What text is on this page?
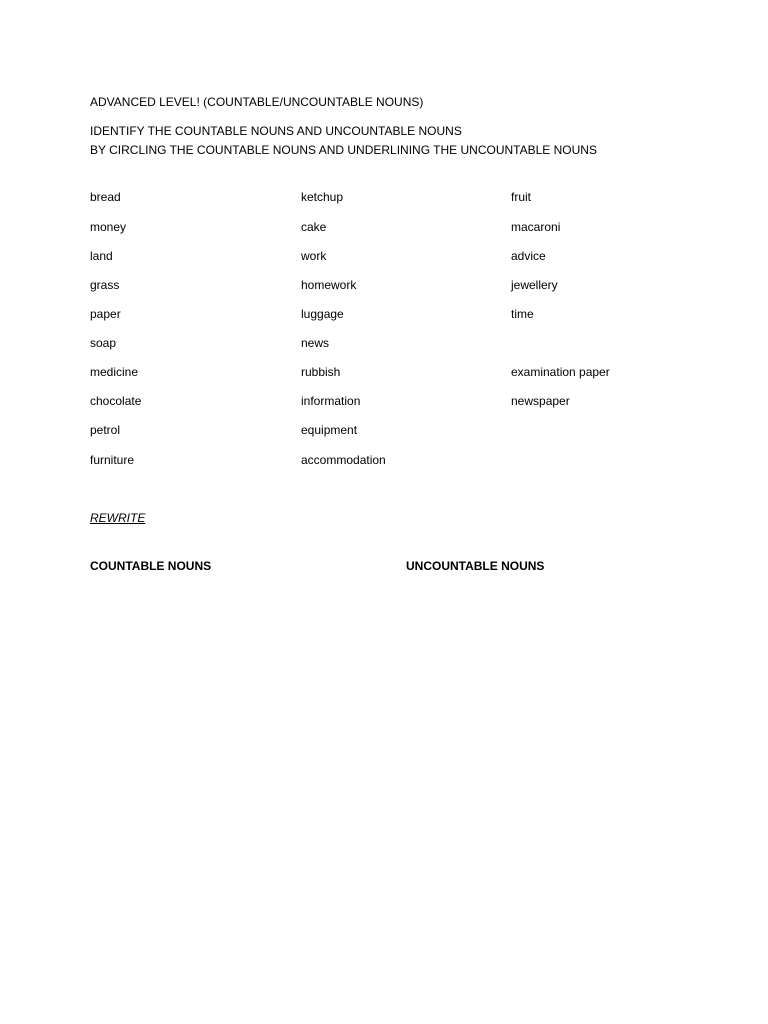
ADVANCED LEVEL! (COUNTABLE/UNCOUNTABLE NOUNS)
IDENTIFY THE COUNTABLE NOUNS AND UNCOUNTABLE NOUNS
BY CIRCLING THE COUNTABLE NOUNS AND UNDERLINING THE UNCOUNTABLE NOUNS
bread
money
land
grass
paper
soap
medicine
chocolate
petrol
furniture
ketchup
cake
work
homework
luggage
news
rubbish
information
equipment
accommodation
fruit
macaroni
advice
jewellery
time
examination paper
newspaper
REWRITE
COUNTABLE NOUNS	UNCOUNTABLE NOUNS
